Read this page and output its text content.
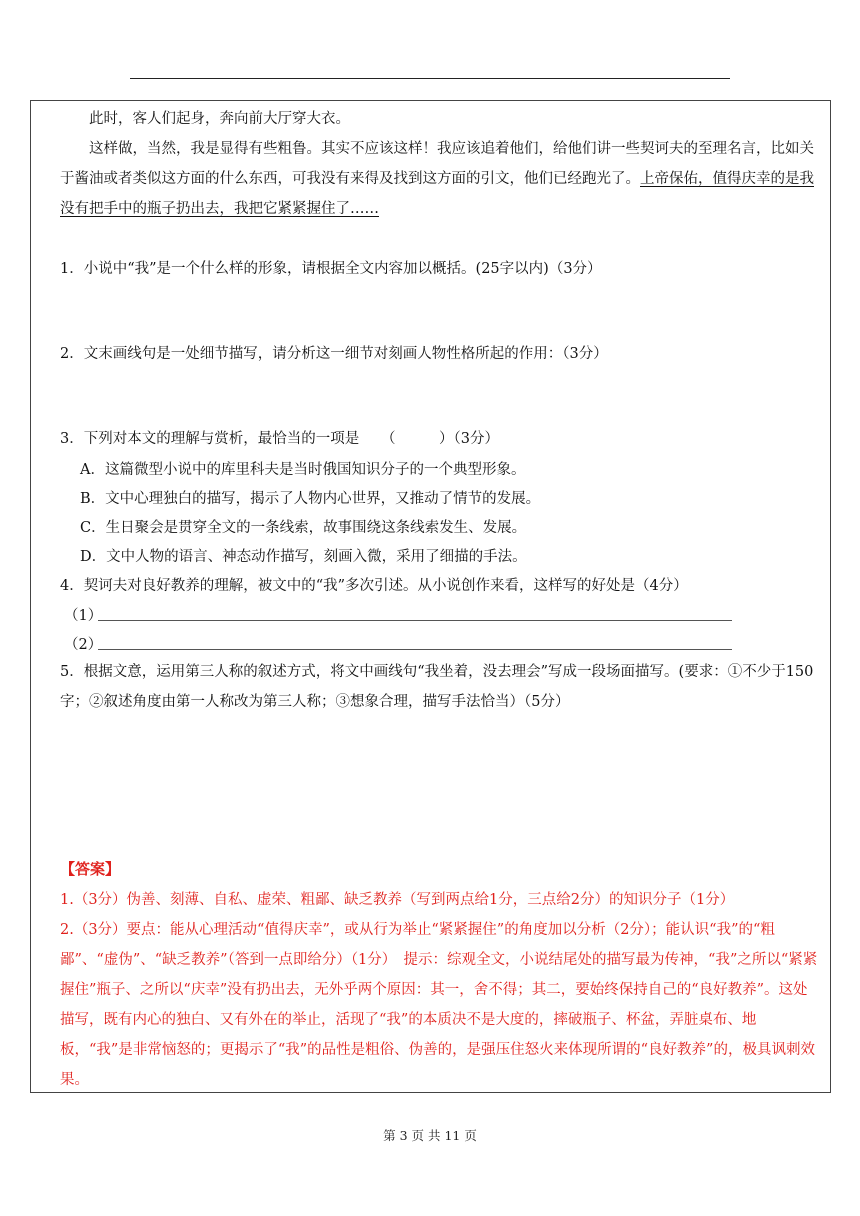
此时，客人们起身，奔向前大厅穿大衣。
这样做，当然，我是显得有些粗鲁。其实不应该这样！我应该追着他们，给他们讲一些契诃夫的至理名言，比如关于酱油或者类似这方面的什么东西，可我没有来得及找到这方面的引文，他们已经跑光了。上帝保佑，值得庆幸的是我没有把手中的瓶子扔出去，我把它紧紧握住了……
1．小说中“我”是一个什么样的形象，请根据全文内容加以概括。(25字以内)（3分）
2．文末画线句是一处细节描写，请分析这一细节对刻画人物性格所起的作用：（3分）
3．下列对本文的理解与赏析，最恰当的一项是　　（　　　）（3分）
A．这篇微型小说中的库里科夫是当时俄国知识分子的一个典型形象。
B．文中心理独白的描写，揭示了人物内心世界，又推动了情节的发展。
C．生日聚会是贯穿全文的一条线索，故事围绕这条线索发生、发展。
D．文中人物的语言、神态动作描写，刻画入微，采用了细描的手法。
4．契诃夫对良好教养的理解，被文中的“我”多次引述。从小说创作来看，这样写的好处是（4分）
（1）
（2）
5．根据文意，运用第三人称的叙述方式，将文中画线句“我坐着，没去理会”写成一段场面描写。(要求：①不少于150字；②叙述角度由第一人称改为第三人称；③想象合理，描写手法恰当）（5分）
【答案】
1.（3分）伪善、刻薄、自私、虚荣、粗鄙、缺乏教养（写到两点给1分，三点给2分）的知识分子（1分）
2.（3分）要点：能从心理活动“值得庆幸”，或从行为举止“紧紧握住”的角度加以分析（2分）；能认识“我”的“粗鄙”、“虚伪”、“缺乏教养”（答到一点即给分）（1分）　提示：综观全文，小说结尾处的描写最为传神，“我”之所以“紧紧握住”瓶子、之所以“庆幸”没有扔出去，无外乎两个原因：其一，舍不得；其二，要始终保持自己的“良好教养”。这处描写，既有内心的独白、又有外在的举止，活现了“我”的本质决不是大度的，摔破瓶子、杯盆，弄脏桌布、地板，“我”是非常恼怒的；更揭示了“我”的品性是粗俗、伪善的，是强压住怒火来体现所谓的“良好教养”的，极具讽刺效果。
第 3 页 共 11 页
